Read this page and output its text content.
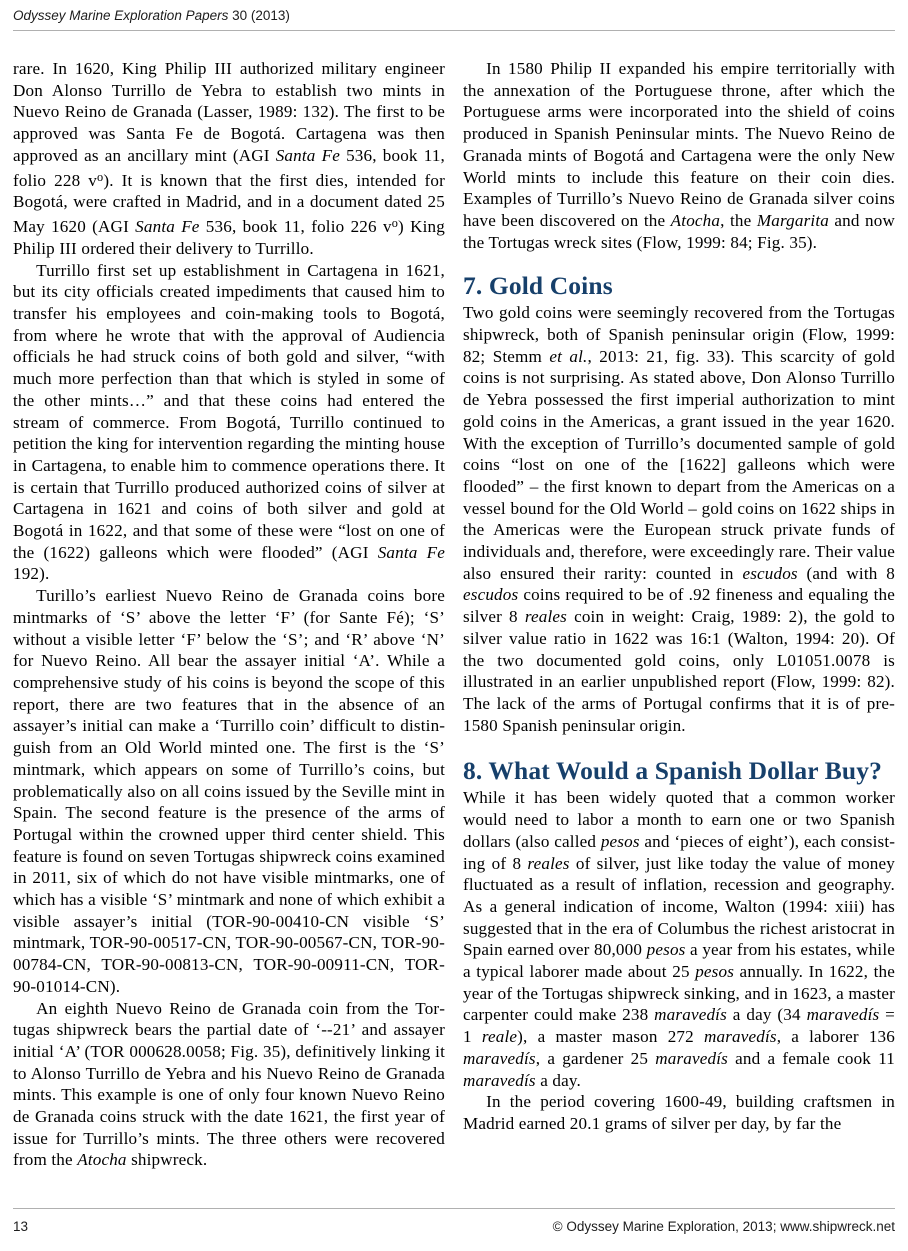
Odyssey Marine Exploration Papers 30 (2013)

rare. In 1620, King Philip III authorized military engineer Don Alonso Turrillo de Yebra to establish two mints in Nuevo Reino de Granada (Lasser, 1989: 132). The first to be approved was Santa Fe de Bogotá. Cartagena was then approved as an ancillary mint (AGI Santa Fe 536, book 11, folio 228 $v^o$). It is known that the first dies, intended for Bogotá, were crafted in Madrid, and in a document dated 25 May 1620 (AGI Santa Fe 536, book 11, folio 226 $v^o$) King Philip III ordered their delivery to Turrillo.

Turrillo first set up establishment in Cartagena in 1621, but its city officials created impediments that caused him to transfer his employees and coin-making tools to Bogotá, from where he wrote that with the approval of Audiencia officials he had struck coins of both gold and silver, “with much more perfection than that which is styled in some of the other mints…” and that these coins had entered the stream of commerce. From Bogotá, Turrillo continued to petition the king for intervention regarding the minting house in Cartagena, to enable him to commence operations there. It is certain that Turrillo produced authorized coins of silver at Cartagena in 1621 and coins of both silver and gold at Bogotá in 1622, and that some of these were “lost on one of the (1622) galleons which were flooded” (AGI Santa Fe 192).

Turillo’s earliest Nuevo Reino de Granada coins bore mintmarks of ‘S’ above the letter ‘F’ (for Sante Fé); ‘S’ without a visible letter ‘F’ below the ‘S’; and ‘R’ above ‘N’ for Nuevo Reino. All bear the assayer initial ‘A’. While a comprehensive study of his coins is beyond the scope of this report, there are two features that in the absence of an assayer’s initial can make a ‘Turrillo coin’ difficult to distinguish from an Old World minted one. The first is the ‘S’ mintmark, which appears on some of Turrillo’s coins, but problematically also on all coins issued by the Seville mint in Spain. The second feature is the presence of the arms of Portugal within the crowned upper third center shield. This feature is found on seven Tortugas shipwreck coins examined in 2011, six of which do not have visible mintmarks, one of which has a visible ‘S’ mintmark and none of which exhibit a visible assayer’s initial (TOR-90-00410-CN visible ‘S’ mintmark, TOR-90-00517-CN, TOR-90-00567-CN, TOR-90-00784-CN, TOR-90-00813-CN, TOR-90-00911-CN, TOR-90-01014-CN).

An eighth Nuevo Reino de Granada coin from the Tortugas shipwreck bears the partial date of ‘--21’ and assayer initial ‘A’ (TOR 000628.0058; Fig. 35), definitively linking it to Alonso Turrillo de Yebra and his Nuevo Reino de Granada mints. This example is one of only four known Nuevo Reino de Granada coins struck with the date 1621, the first year of issue for Turrillo’s mints. The three others were recovered from the Atocha shipwreck.

In 1580 Philip II expanded his empire territorially with the annexation of the Portuguese throne, after which the Portuguese arms were incorporated into the shield of coins produced in Spanish Peninsular mints. The Nuevo Reino de Granada mints of Bogotá and Cartagena were the only New World mints to include this feature on their coin dies. Examples of Turrillo’s Nuevo Reino de Granada silver coins have been discovered on the Atocha, the Margarita and now the Tortugas wreck sites (Flow, 1999: 84; Fig. 35).

7. Gold Coins

Two gold coins were seemingly recovered from the Tortugas shipwreck, both of Spanish peninsular origin (Flow, 1999: 82; Stemm et al., 2013: 21, fig. 33). This scarcity of gold coins is not surprising. As stated above, Don Alonso Turrillo de Yebra possessed the first imperial authorization to mint gold coins in the Americas, a grant issued in the year 1620. With the exception of Turrillo’s documented sample of gold coins “lost on one of the [1622] galleons which were flooded” – the first known to depart from the Americas on a vessel bound for the Old World – gold coins on 1622 ships in the Americas were the European struck private funds of individuals and, therefore, were exceedingly rare. Their value also ensured their rarity: counted in escudos (and with 8 escudos coins required to be of .92 fineness and equaling the silver 8 reales coin in weight: Craig, 1989: 2), the gold to silver value ratio in 1622 was 16:1 (Walton, 1994: 20). Of the two documented gold coins, only L01051.0078 is illustrated in an earlier unpublished report (Flow, 1999: 82). The lack of the arms of Portugal confirms that it is of pre-1580 Spanish peninsular origin.

8. What Would a Spanish Dollar Buy?

While it has been widely quoted that a common worker would need to labor a month to earn one or two Spanish dollars (also called pesos and ‘pieces of eight’), each consisting of 8 reales of silver, just like today the value of money fluctuated as a result of inflation, recession and geography. As a general indication of income, Walton (1994: xiii) has suggested that in the era of Columbus the richest aristocrat in Spain earned over 80,000 pesos a year from his estates, while a typical laborer made about 25 pesos annually. In 1622, the year of the Tortugas shipwreck sinking, and in 1623, a master carpenter could make 238 maravedís a day (34 maravedís = 1 reale), a master mason 272 maravedís, a laborer 136 maravedís, a gardener 25 maravedís and a female cook 11 maravedís a day.

In the period covering 1600-49, building craftsmen in Madrid earned 20.1 grams of silver per day, by far the

13	© Odyssey Marine Exploration, 2013; www.shipwreck.net
